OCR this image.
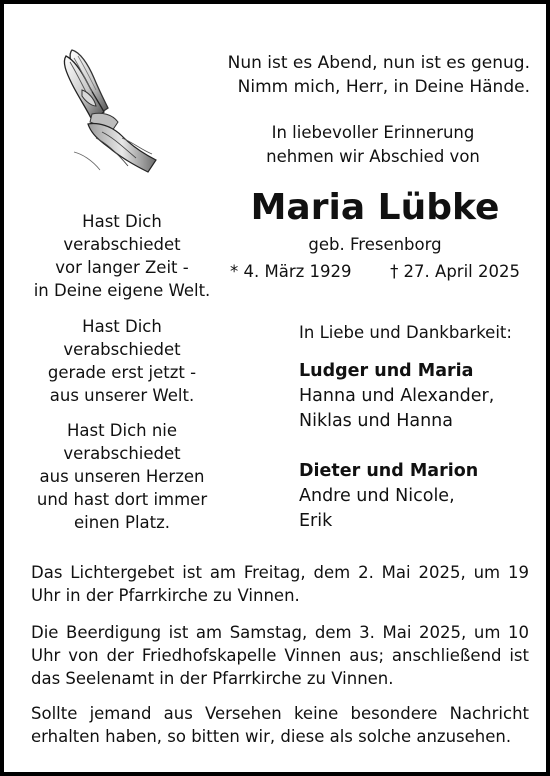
Nun ist es Abend, nun ist es genug.
Nimm mich, Herr, in Deine Hände.
In liebevoller Erinnerung
nehmen wir Abschied von
Maria Lübke
geb. Fresenborg
* 4. März 1929 † 27. April 2025
Hast Dich
verabschiedet
vor langer Zeit -
in Deine eigene Welt.
Hast Dich
verabschiedet
gerade erst jetzt -
aus unserer Welt.
Hast Dich nie
verabschiedet
aus unseren Herzen
und hast dort immer
einen Platz.
In Liebe und Dankbarkeit:
Ludger und Maria
Hanna und Alexander,
Niklas und Hanna
Dieter und Marion
Andre und Nicole,
Erik
Das Lichtergebet ist am Freitag, dem 2. Mai 2025, um 19 Uhr in der Pfarrkirche zu Vinnen.
Die Beerdigung ist am Samstag, dem 3. Mai 2025, um 10 Uhr von der Friedhofskapelle Vinnen aus; anschließend ist das Seelenamt in der Pfarrkirche zu Vinnen.
Sollte jemand aus Versehen keine besondere Nachricht erhalten haben, so bitten wir, diese als solche anzusehen.
